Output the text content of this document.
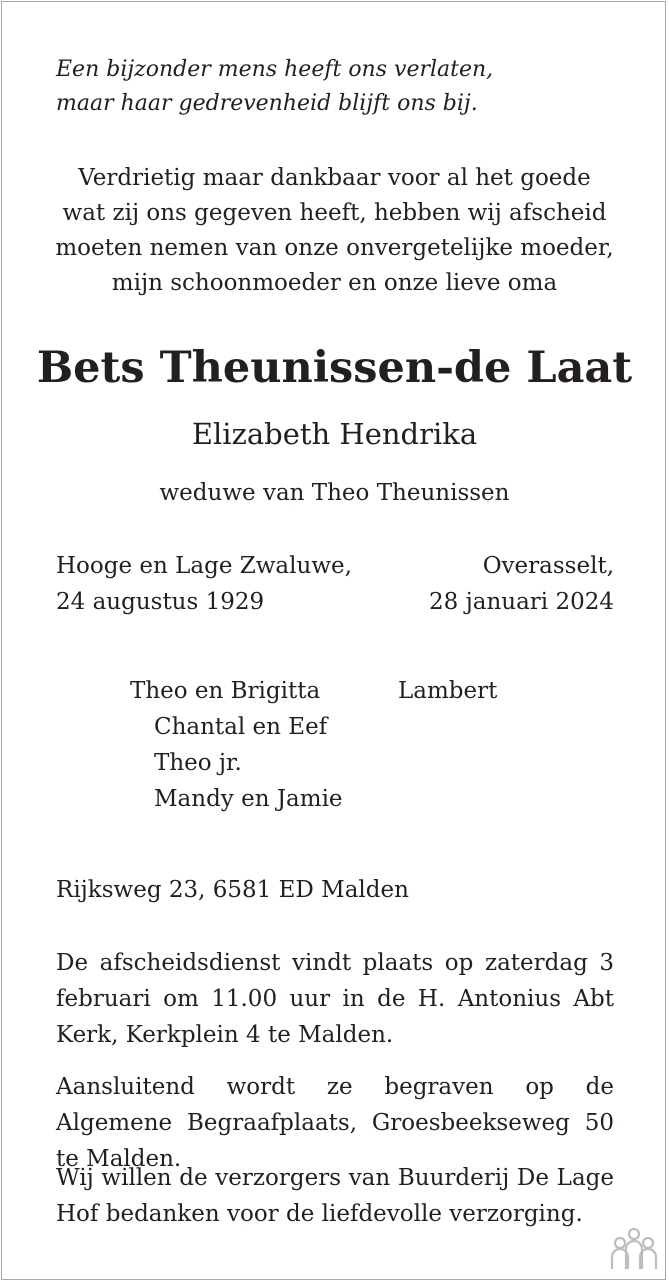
Een bijzonder mens heeft ons verlaten,
maar haar gedrevenheid blijft ons bij.
Verdrietig maar dankbaar voor al het goede
wat zij ons gegeven heeft, hebben wij afscheid
moeten nemen van onze onvergetelijke moeder,
mijn schoonmoeder en onze lieve oma
Bets Theunissen-de Laat
Elizabeth Hendrika
weduwe van Theo Theunissen
Hooge en Lage Zwaluwe,
24 augustus 1929
Overasselt,
28 januari 2024
Theo en Brigitta
Chantal en Eef
Theo jr.
Mandy en Jamie
Lambert
Rijksweg 23, 6581 ED Malden
De afscheidsdienst vindt plaats op zaterdag 3 februari om 11.00 uur in de H. Antonius Abt Kerk, Kerkplein 4 te Malden.
Aansluitend wordt ze begraven op de Algemene Begraafplaats, Groesbeekseweg 50 te Malden.
Wij willen de verzorgers van Buurderij De Lage Hof bedanken voor de liefdevolle verzorging.
